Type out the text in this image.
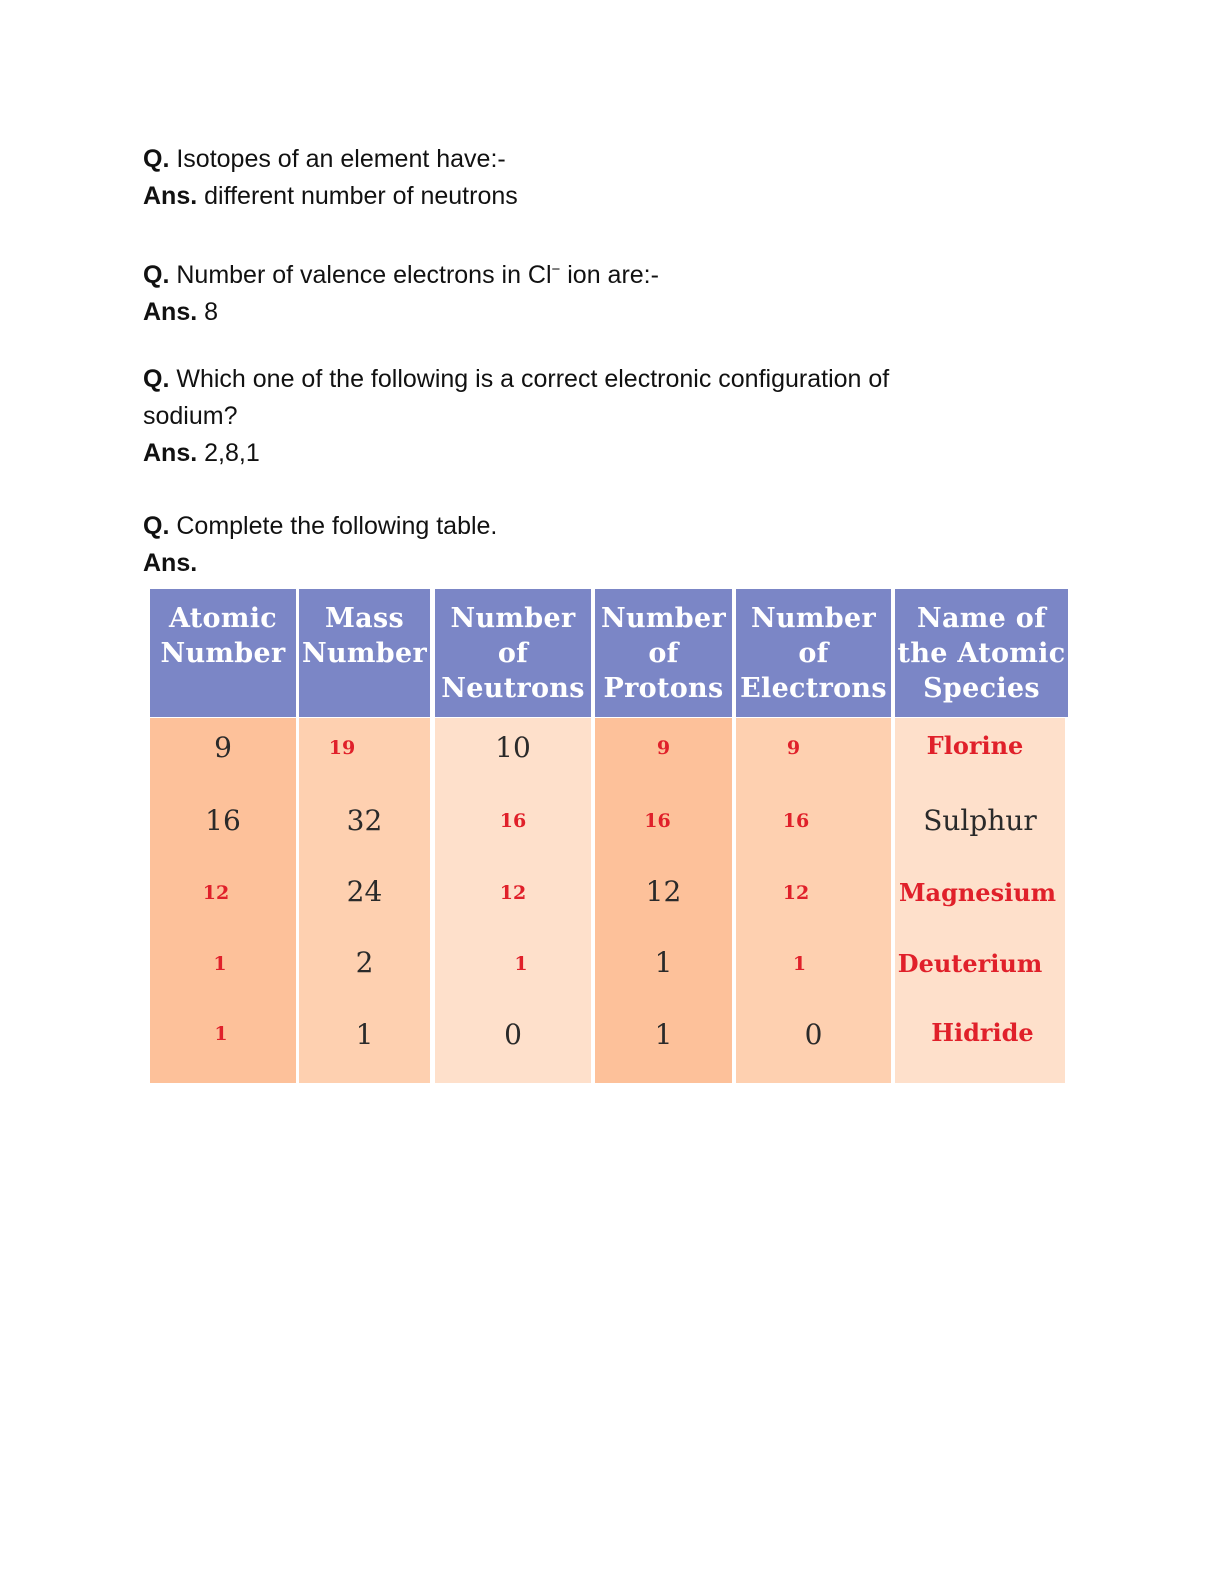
Q. Isotopes of an element have:-
Ans. different number of neutrons
Q. Number of valence electrons in Cl− ion are:-
Ans. 8
Q. Which one of the following is a correct electronic configuration of
sodium?
Ans. 2,8,1
Q. Complete the following table.
Ans.
Atomic
Number
9
16
12
1
1
Mass
Number
19
32
24
2
1
Number
of
Neutrons
10
16
12
1
0
Number
of
Protons
9
16
12
1
1
Number
of
Electrons
9
16
12
1
0
Name of
the Atomic
Species
Florine
Sulphur
Magnesium
Deuterium
Hidride
